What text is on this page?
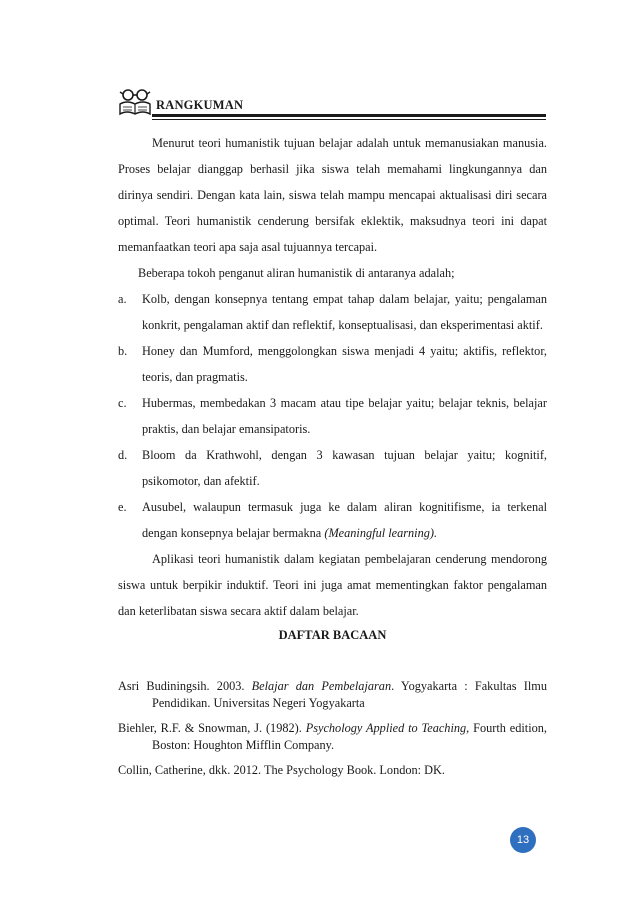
RANGKUMAN

Menurut teori humanistik tujuan belajar adalah untuk memanusiakan manusia. Proses belajar dianggap berhasil jika siswa telah memahami lingkungannya dan dirinya sendiri. Dengan kata lain, siswa telah mampu mencapai aktualisasi diri secara optimal. Teori humanistik cenderung bersifak eklektik, maksudnya teori ini dapat memanfaatkan teori apa saja asal tujuannya tercapai.

Beberapa tokoh penganut aliran humanistik di antaranya adalah;

a. Kolb, dengan konsepnya tentang empat tahap dalam belajar, yaitu; pengalaman konkrit, pengalaman aktif dan reflektif, konseptualisasi, dan eksperimentasi aktif.
b. Honey dan Mumford, menggolongkan siswa menjadi 4 yaitu; aktifis, reflektor, teoris, dan pragmatis.
c. Hubermas, membedakan 3 macam atau tipe belajar yaitu; belajar teknis, belajar praktis, dan belajar emansipatoris.
d. Bloom da Krathwohl, dengan 3 kawasan tujuan belajar yaitu; kognitif, psikomotor, dan afektif.
e. Ausubel, walaupun termasuk juga ke dalam aliran kognitifisme, ia terkenal dengan konsepnya belajar bermakna (Meaningful learning).

Aplikasi teori humanistik dalam kegiatan pembelajaran cenderung mendorong siswa untuk berpikir induktif. Teori ini juga amat mementingkan faktor pengalaman dan keterlibatan siswa secara aktif dalam belajar.

DAFTAR BACAAN
Asri Budiningsih. 2003. Belajar dan Pembelajaran. Yogyakarta : Fakultas Ilmu Pendidikan. Universitas Negeri Yogyakarta
Biehler, R.F. & Snowman, J. (1982). Psychology Applied to Teaching, Fourth edition, Boston: Houghton Mifflin Company.
Collin, Catherine, dkk. 2012. The Psychology Book. London: DK.
13
